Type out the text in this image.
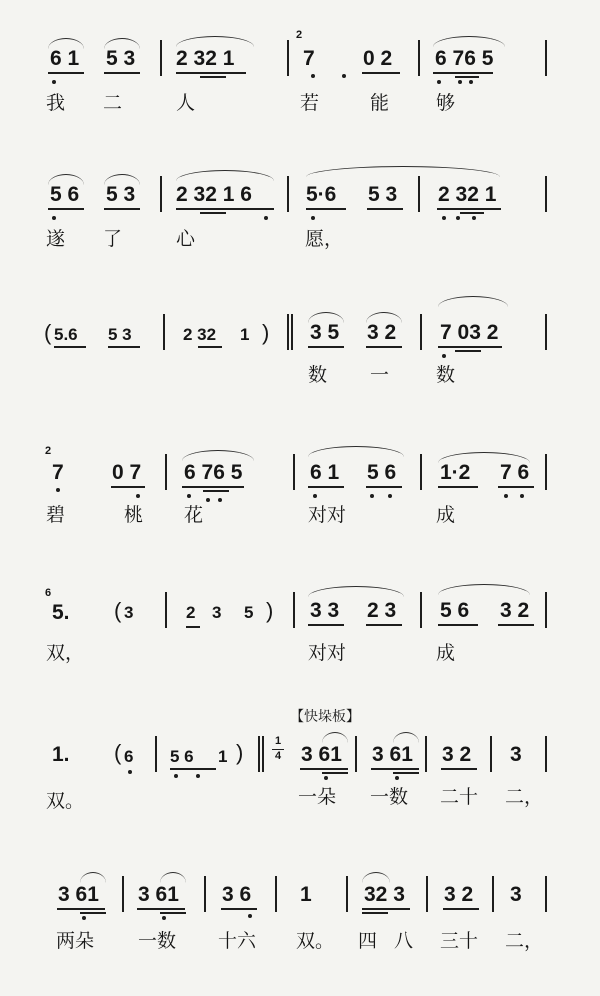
6 1 5 3 2 32 1
2
7 0 2 6 76 5
我 二	人	若	能 够
5 6 5 3 2 32 1 6	5·6 5 3 2 32 1
遂 了	心	愿，
( 5.6 5 3	2 32 1 ) 3 5 3 2 7 03 2
数 一 数
2
7 0 7 6 76 5	6 1 5 6 1·2 7 6
碧	桃 花	对对	成
6
5. ( 3	2 3 5 ) 3 3 2 3 5 6 3 2
双，	对对	成
【快垛板】
1. ( 6 5 6 1 )	1
4 3 61 3 61 3 2 3
双。	一朵 一数 二十 二，
3 61 3 61 3 6 1 32 3 3 2 3
两朵 一数 十六 双。 四 八 三十 二，
